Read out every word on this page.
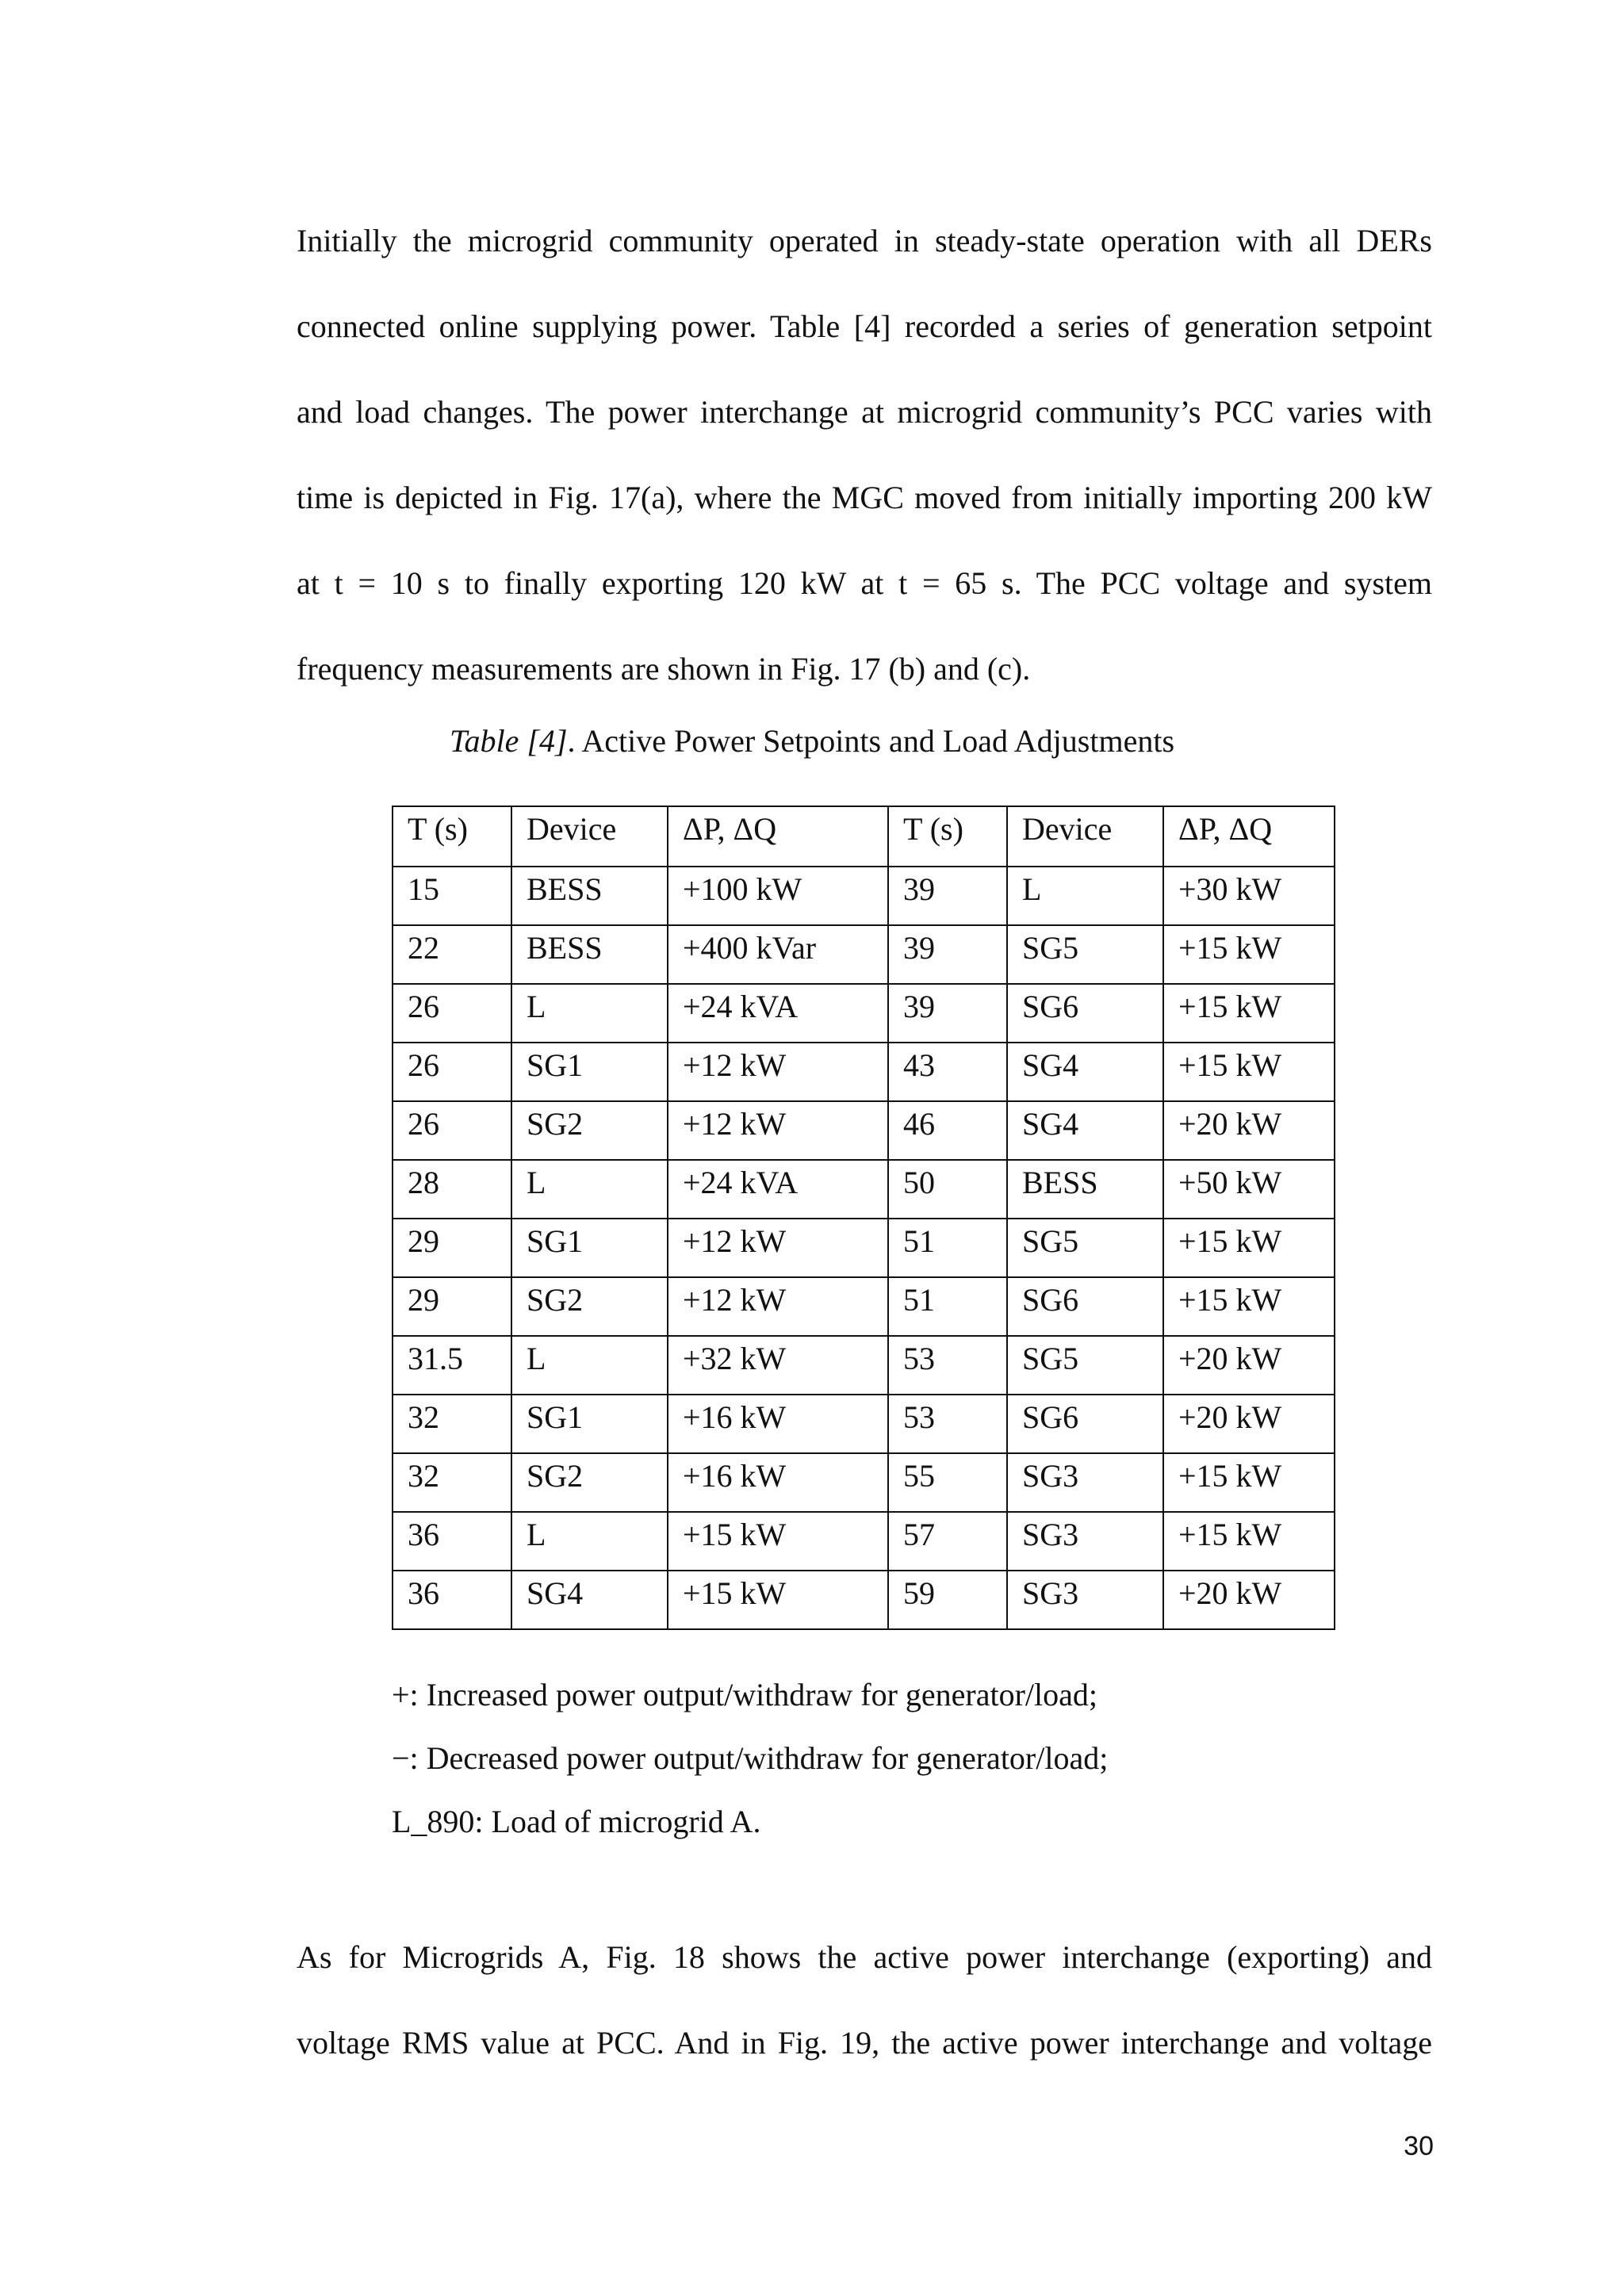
Initially the microgrid community operated in steady-state operation with all DERs
connected online supplying power. Table [4] recorded a series of generation setpoint
and load changes. The power interchange at microgrid community’s PCC varies with
time is depicted in Fig. 17(a), where the MGC moved from initially importing 200 kW
at t = 10 s to finally exporting 120 kW at t = 65 s. The PCC voltage and system
frequency measurements are shown in Fig. 17 (b) and (c).

Table [4]. Active Power Setpoints and Load Adjustments
T (s)	Device	ΔP, ΔQ	T (s)	Device	ΔP, ΔQ
15	BESS	+100 kW	39	L	+30 kW
22	BESS	+400 kVar	39	SG5	+15 kW
26	L	+24 kVA	39	SG6	+15 kW
26	SG1	+12 kW	43	SG4	+15 kW
26	SG2	+12 kW	46	SG4	+20 kW
28	L	+24 kVA	50	BESS	+50 kW
29	SG1	+12 kW	51	SG5	+15 kW
29	SG2	+12 kW	51	SG6	+15 kW
31.5	L	+32 kW	53	SG5	+20 kW
32	SG1	+16 kW	53	SG6	+20 kW
32	SG2	+16 kW	55	SG3	+15 kW
36	L	+15 kW	57	SG3	+15 kW
36	SG4	+15 kW	59	SG3	+20 kW
+: Increased power output/withdraw for generator/load;
−: Decreased power output/withdraw for generator/load;
L_890: Load of microgrid A.

As for Microgrids A, Fig. 18 shows the active power interchange (exporting) and
voltage RMS value at PCC. And in Fig. 19, the active power interchange and voltage

30
